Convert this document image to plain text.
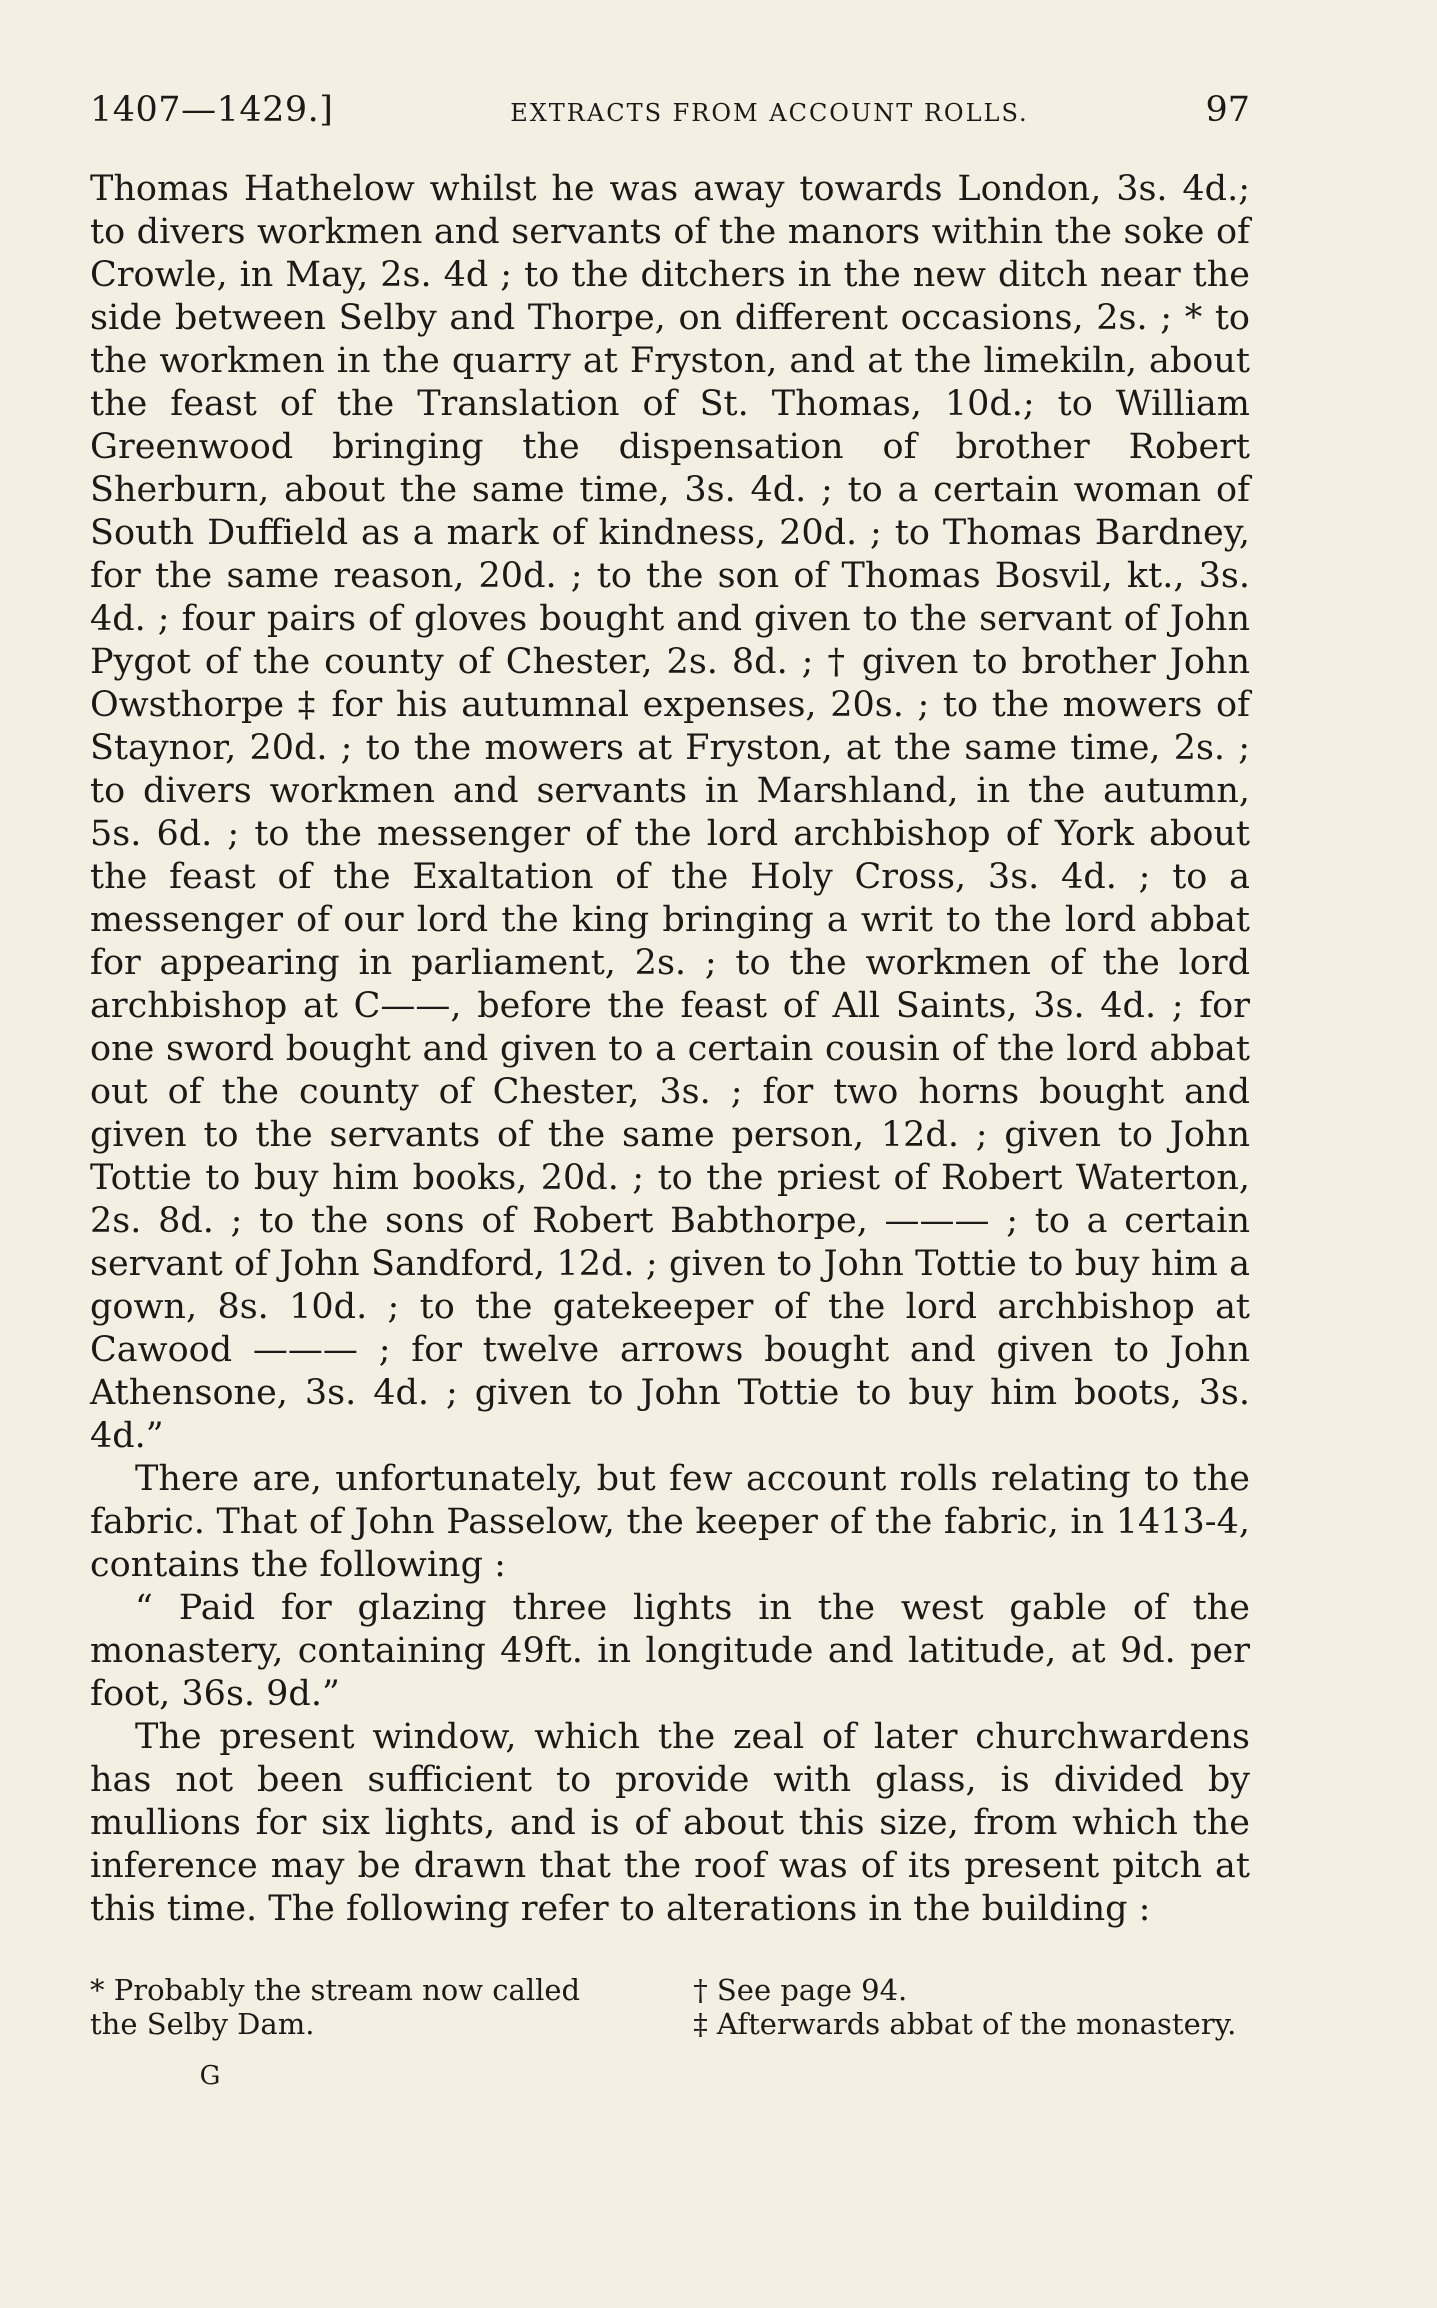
1407—1429.]	EXTRACTS FROM ACCOUNT ROLLS.	97

Thomas Hathelow whilst he was away towards London, 3s. 4d.; to divers workmen and servants of the manors within the soke of Crowle, in May, 2s. 4d ; to the ditchers in the new ditch near the side between Selby and Thorpe, on different occasions, 2s. ; * to the workmen in the quarry at Fryston, and at the limekiln, about the feast of the Translation of St. Thomas, 10d.; to William Greenwood bringing the dispensation of brother Robert Sherburn, about the same time, 3s. 4d. ; to a certain woman of South Duffield as a mark of kindness, 20d. ; to Thomas Bardney, for the same reason, 20d. ; to the son of Thomas Bosvil, kt., 3s. 4d. ; four pairs of gloves bought and given to the servant of John Pygot of the county of Chester, 2s. 8d. ; † given to brother John Owsthorpe ‡ for his autumnal expenses, 20s. ; to the mowers of Staynor, 20d. ; to the mowers at Fryston, at the same time, 2s. ; to divers workmen and servants in Marshland, in the autumn, 5s. 6d. ; to the messenger of the lord archbishop of York about the feast of the Exaltation of the Holy Cross, 3s. 4d. ; to a messenger of our lord the king bringing a writ to the lord abbat for appearing in parliament, 2s. ; to the workmen of the lord archbishop at C——, before the feast of All Saints, 3s. 4d. ; for one sword bought and given to a certain cousin of the lord abbat out of the county of Chester, 3s. ; for two horns bought and given to the servants of the same person, 12d. ; given to John Tottie to buy him books, 20d. ; to the priest of Robert Waterton, 2s. 8d. ; to the sons of Robert Babthorpe, ——— ; to a certain servant of John Sandford, 12d. ; given to John Tottie to buy him a gown, 8s. 10d. ; to the gatekeeper of the lord archbishop at Cawood ——— ; for twelve arrows bought and given to John Athensone, 3s. 4d. ; given to John Tottie to buy him boots, 3s. 4d.”

There are, unfortunately, but few account rolls relating to the fabric. That of John Passelow, the keeper of the fabric, in 1413-4, contains the following :

“ Paid for glazing three lights in the west gable of the monastery, containing 49ft. in longitude and latitude, at 9d. per foot, 36s. 9d.”

The present window, which the zeal of later churchwardens has not been sufficient to provide with glass, is divided by mullions for six lights, and is of about this size, from which the inference may be drawn that the roof was of its present pitch at this time. The following refer to alterations in the building :

* Probably the stream now called
the Selby Dam.
† See page 94.
‡ Afterwards abbat of the monastery.
G
